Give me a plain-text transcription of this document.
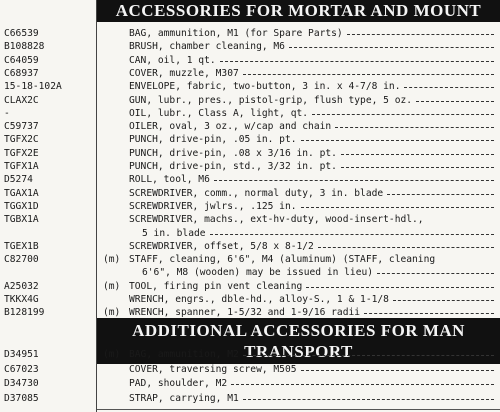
ACCESSORIES FOR MORTAR AND MOUNT
C66539	BAG, ammunition, M1 (for Spare Parts)
B108828	BRUSH, chamber cleaning, M6
C64059	CAN, oil, 1 qt.
C68937	COVER, muzzle, M307
15-18-102A	ENVELOPE, fabric, two-button, 3 in. x 4-7/8 in.
CLAX2C	GUN, lubr., pres., pistol-grip, flush type, 5 oz.
-	OIL, lubr., Class A, light, qt.
C59737	OILER, oval, 3 oz., w/cap and chain
TGFX2C	PUNCH, drive-pin, .05 in. pt.
TGFX2E	PUNCH, drive-pin, .08 x 3/16 in. pt.
TGFX1A	PUNCH, drive-pin, std., 3/32 in. pt.
D5274	ROLL, tool, M6
TGAX1A	SCREWDRIVER, comm., normal duty, 3 in. blade
TGGX1D	SCREWDRIVER, jwlrs., .125 in.
TGBX1A	SCREWDRIVER, machs., ext-hv-duty, wood-insert-hdl.,
5 in. blade
TGEX1B	SCREWDRIVER, offset, 5/8 x 8-1/2
C82700	(m) STAFF, cleaning, 6'6", M4 (aluminum) (STAFF, cleaning
6'6", M8 (wooden) may be issued in lieu)
A25032	(m) TOOL, firing pin vent cleaning
TKKX4G	WRENCH, engrs., dble-hd., alloy-S., 1 & 1-1/8
B128199	(m) WRENCH, spanner, 1-5/32 and 1-9/16 radii
ADDITIONAL ACCESSORIES FOR MAN
TRANSPORT
D34951	(m) BAG, ammunition, M2
C67023	COVER, traversing screw, M505
D34730	PAD, shoulder, M2
D37085	STRAP, carrying, M1
